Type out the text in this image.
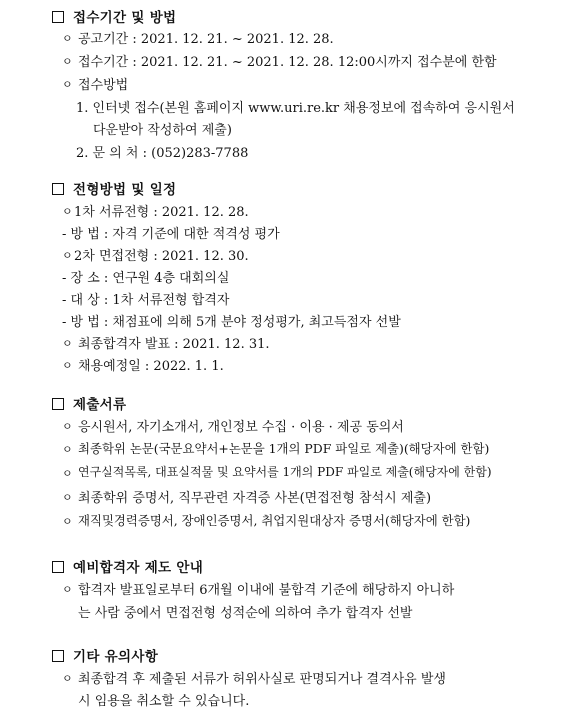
접수기간 및 방법
ㅇ 공고기간 : 2021. 12. 21. ~ 2021. 12. 28.
ㅇ 접수기간 : 2021. 12. 21. ~ 2021. 12. 28. 12:00시까지 접수분에 한함
ㅇ 접수방법
1. 인터넷 접수(본원 홈페이지 www.uri.re.kr 채용정보에 접속하여 응시원서
다운받아 작성하여 제출)
2. 문 의 처 : (052)283-7788
전형방법 및 일정
ㅇ 1차 서류전형 : 2021. 12. 28.
- 방 법 : 자격 기준에 대한 적격성 평가
ㅇ 2차 면접전형 : 2021. 12. 30.
- 장 소 : 연구원 4층 대회의실
- 대 상 : 1차 서류전형 합격자
- 방 법 : 채점표에 의해 5개 분야 정성평가, 최고득점자 선발
ㅇ 최종합격자 발표 : 2021. 12. 31.
ㅇ 채용예정일 : 2022. 1. 1.
제출서류
ㅇ 응시원서, 자기소개서, 개인정보 수집 · 이용 · 제공 동의서
ㅇ 최종학위 논문(국문요약서+논문을 1개의 PDF 파일로 제출)(해당자에 한함)
ㅇ 연구실적목록, 대표실적물 및 요약서를 1개의 PDF 파일로 제출(해당자에 한함)
ㅇ 최종학위 증명서, 직무관련 자격증 사본(면접전형 참석시 제출)
ㅇ 재직및경력증명서, 장애인증명서, 취업지원대상자 증명서(해당자에 한함)
예비합격자 제도 안내
ㅇ 합격자 발표일로부터 6개월 이내에 불합격 기준에 해당하지 아니하
는 사람 중에서 면접전형 성적순에 의하여 추가 합격자 선발
기타 유의사항
ㅇ 최종합격 후 제출된 서류가 허위사실로 판명되거나 결격사유 발생
시 임용을 취소할 수 있습니다.
